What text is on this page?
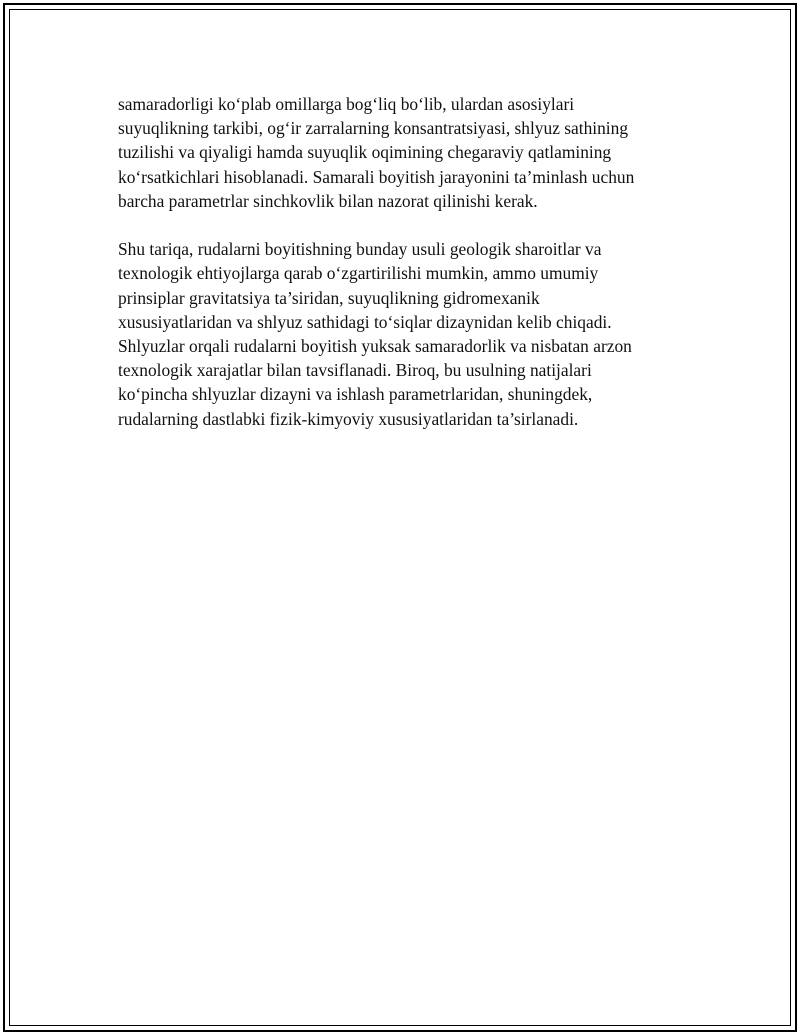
samaradorligi ko‘plab omillarga bog‘liq bo‘lib, ulardan asosiylari
suyuqlikning tarkibi, og‘ir zarralarning konsantratsiyasi, shlyuz sathining
tuzilishi va qiyaligi hamda suyuqlik oqimining chegaraviy qatlamining
ko‘rsatkichlari hisoblanadi. Samarali boyitish jarayonini ta’minlash uchun
barcha parametrlar sinchkovlik bilan nazorat qilinishi kerak.

Shu tariqa, rudalarni boyitishning bunday usuli geologik sharoitlar va
texnologik ehtiyojlarga qarab o‘zgartirilishi mumkin, ammo umumiy
prinsiplar gravitatsiya ta’siridan, suyuqlikning gidromexanik
xususiyatlaridan va shlyuz sathidagi to‘siqlar dizaynidan kelib chiqadi.
Shlyuzlar orqali rudalarni boyitish yuksak samaradorlik va nisbatan arzon
texnologik xarajatlar bilan tavsiflanadi. Biroq, bu usulning natijalari
ko‘pincha shlyuzlar dizayni va ishlash parametrlaridan, shuningdek,
rudalarning dastlabki fizik-kimyoviy xususiyatlaridan ta’sirlanadi.
